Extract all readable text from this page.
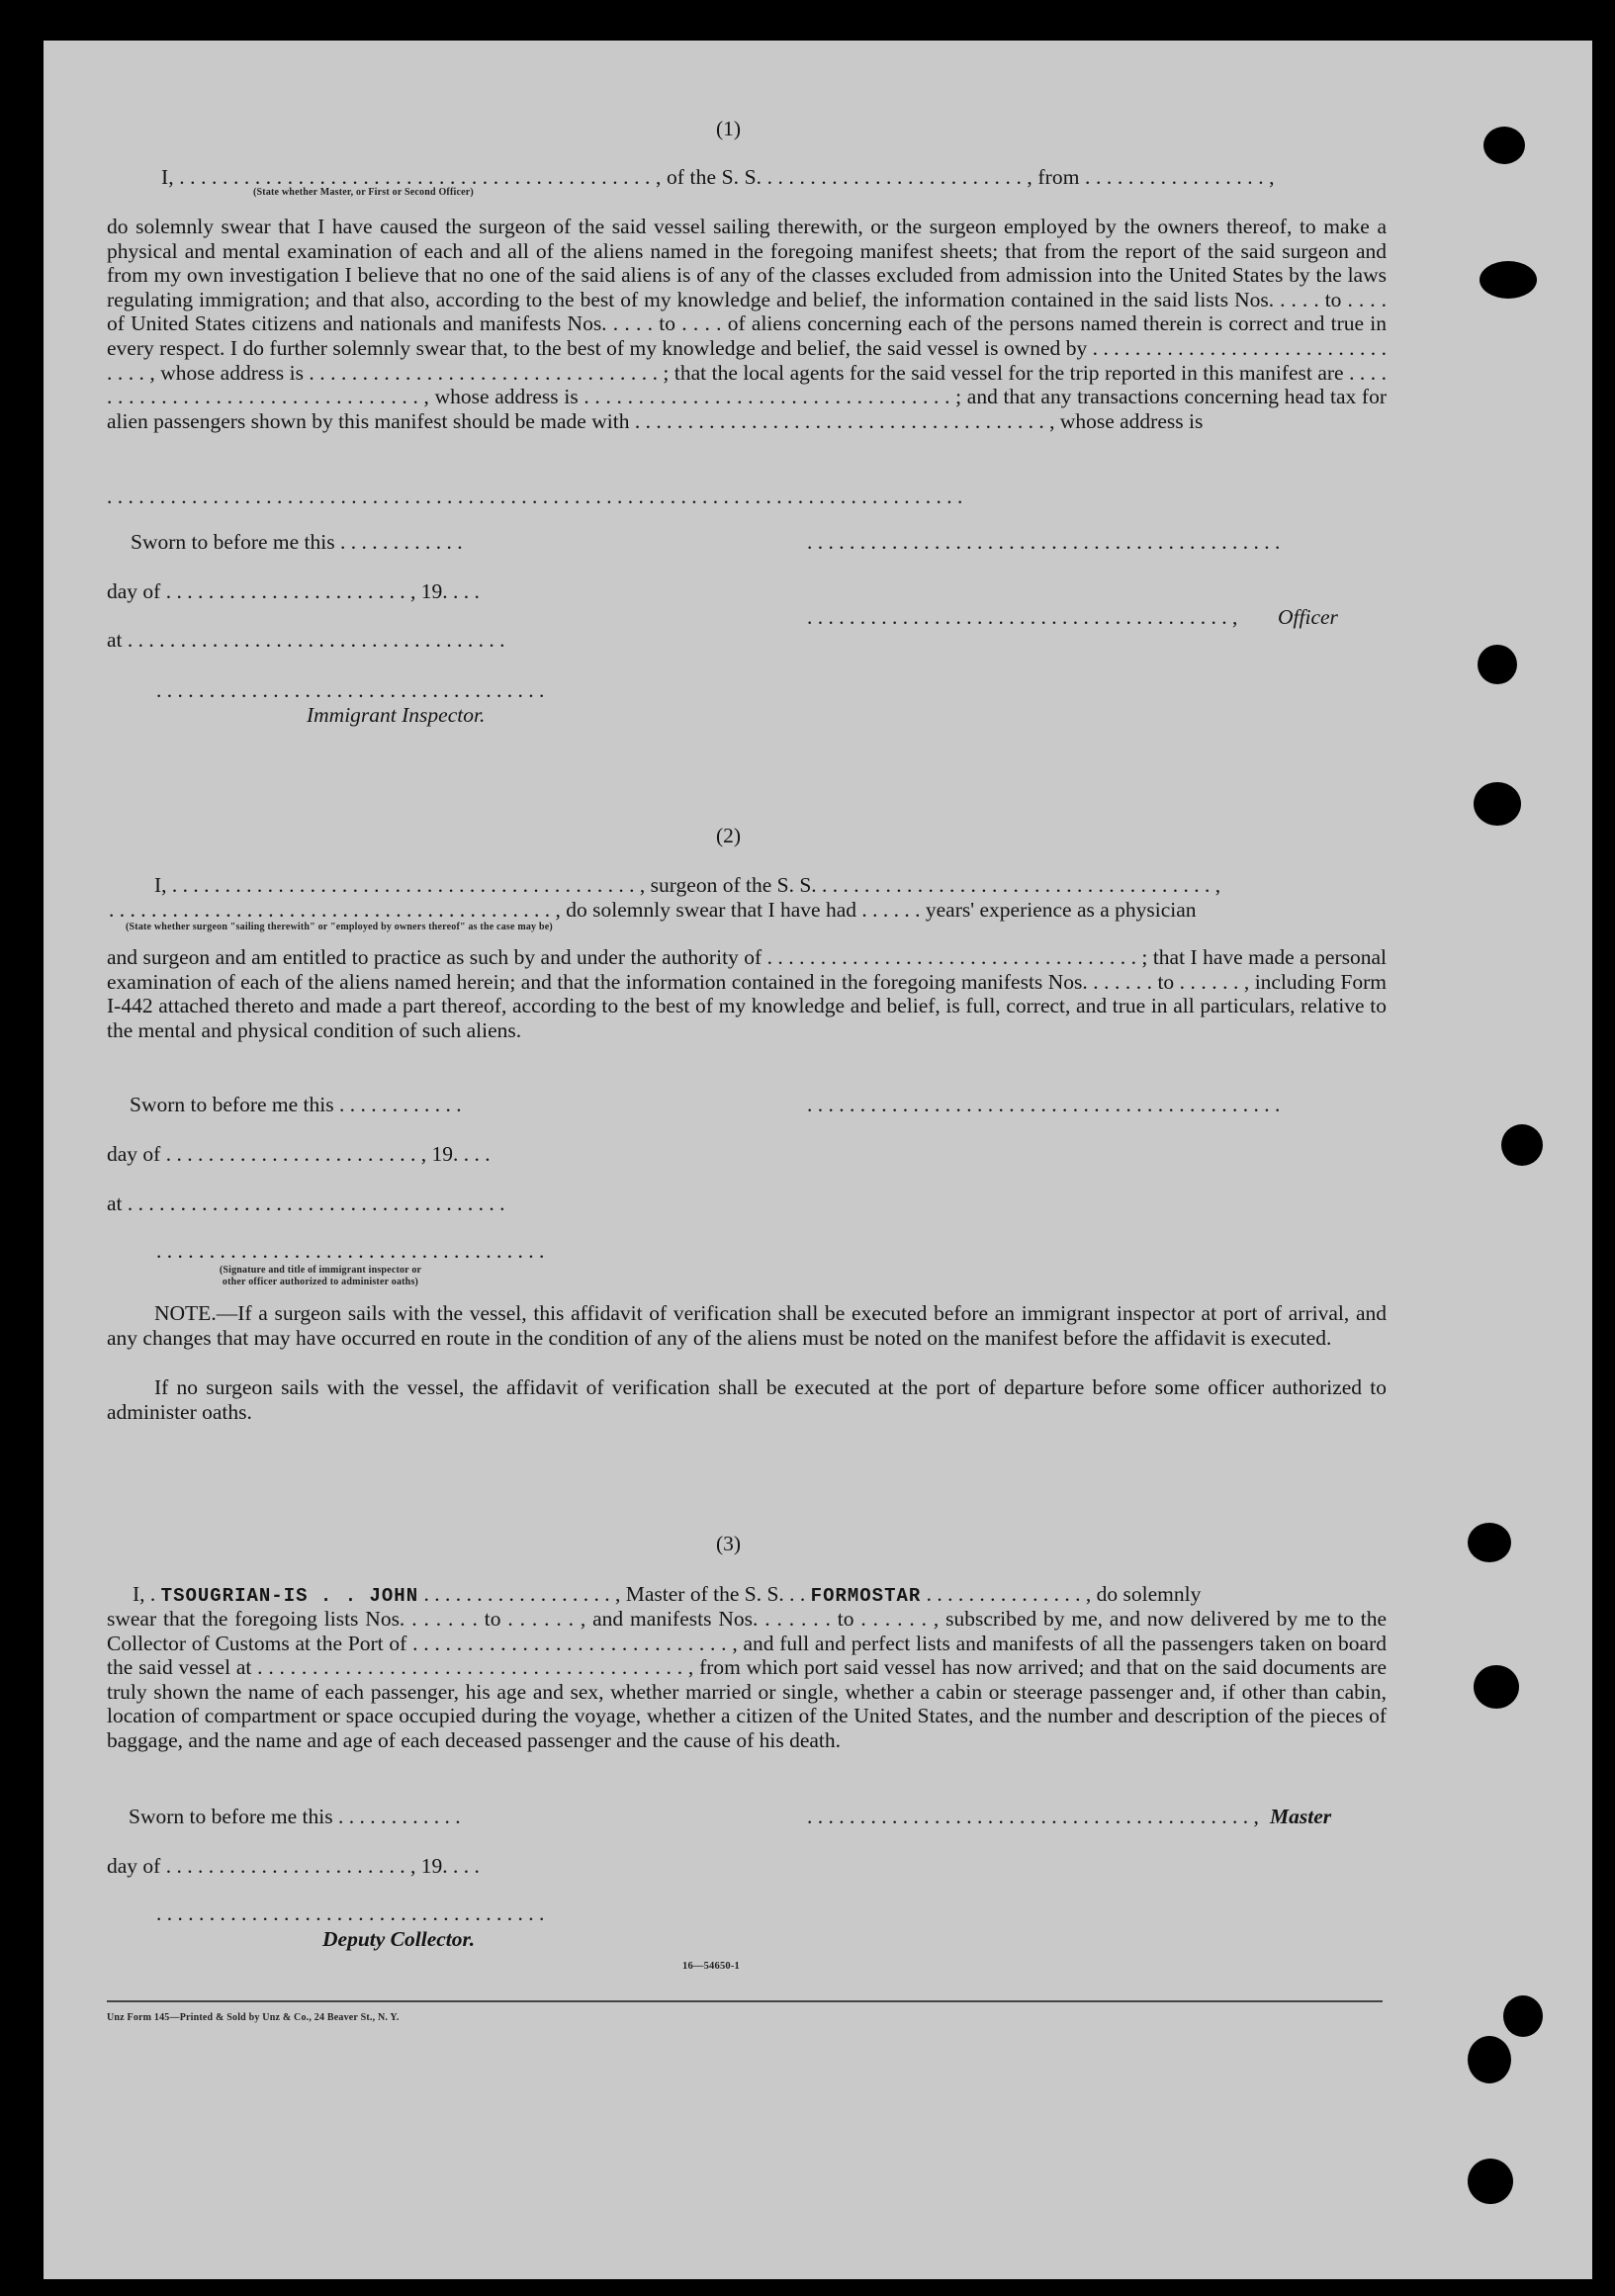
(1)
I, . . . . . . . . . . . . . . . . . . . . . . . . . . . . . . . . . . . . . . . . . . . . , of the S. S. . . . . . . . . . . . . . . . . . . . . . . . . , from . . . . . . . . . . . . . . . . . ,
(State whether Master, or First or Second Officer)
do solemnly swear that I have caused the surgeon of the said vessel sailing therewith, or the surgeon employed by the owners thereof, to make a physical and mental examination of each and all of the aliens named in the foregoing manifest sheets; that from the report of the said surgeon and from my own investigation I believe that no one of the said aliens is of any of the classes excluded from admission into the United States by the laws regulating immigration; and that also, according to the best of my knowledge and belief, the information contained in the said lists Nos. . . . . to . . . . of United States citizens and nationals and manifests Nos. . . . . to . . . . of aliens concerning each of the persons named therein is correct and true in every respect. I do further solemnly swear that, to the best of my knowledge and belief, the said vessel is owned by . . . . . . . . . . . . . . . . . . . . . . . . . . . . . . . . , whose address is . . . . . . . . . . . . . . . . . . . . . . . . . . . . . . . . . ; that the local agents for the said vessel for the trip reported in this manifest are . . . . . . . . . . . . . . . . . . . . . . . . . . . . . . . . . , whose address is . . . . . . . . . . . . . . . . . . . . . . . . . . . . . . . . . . ; and that any transactions concerning head tax for alien passengers shown by this manifest should be made with . . . . . . . . . . . . . . . . . . . . . . . . . . . . . . . . . . . . . . . , whose address is
. . . . . . . . . . . . . . . . . . . . . . . . . . . . . . . . . . . . . . . . . . . . . . . . . . . . . . . . . . . . . . . . . . . . . . . . . . . . . . . . .
Sworn to before me this . . . . . . . . . . . .	. . . . . . . . . . . . . . . . . . . . . . . . . . . . . . . . . . . . . . . . . . . . .
day of . . . . . . . . . . . . . . . . . . . . . . . , 19. . . .
. . . . . . . . . . . . . . . . . . . . . . . . . . . . . . . . . . . . . . . . , Officer
at . . . . . . . . . . . . . . . . . . . . . . . . . . . . . . . . . . . .
. . . . . . . . . . . . . . . . . . . . . . . . . . . . . . . . . . . . .
Immigrant Inspector.
(2)
I, . . . . . . . . . . . . . . . . . . . . . . . . . . . . . . . . . . . . . . . . . . . . , surgeon of the S. S. . . . . . . . . . . . . . . . . . . . . . . . . . . . . . . . . . . . . . ,
. . . . . . . . . . . . . . . . . . . . . . . . . . . . . . . . . . . . . . . . . . , do solemnly swear that I have had . . . . . . years' experience as a physician
(State whether surgeon "sailing therewith" or "employed by owners thereof" as the case may be)
and surgeon and am entitled to practice as such by and under the authority of . . . . . . . . . . . . . . . . . . . . . . . . . . . . . . . . . . . ; that I have made a personal examination of each of the aliens named herein; and that the information contained in the foregoing manifests Nos. . . . . . . to . . . . . . , including Form I-442 attached thereto and made a part thereof, according to the best of my knowledge and belief, is full, correct, and true in all particulars, relative to the mental and physical condition of such aliens.
Sworn to before me this . . . . . . . . . . . .	. . . . . . . . . . . . . . . . . . . . . . . . . . . . . . . . . . . . . . . . . . . . .
day of . . . . . . . . . . . . . . . . . . . . . . . . , 19. . . .
at . . . . . . . . . . . . . . . . . . . . . . . . . . . . . . . . . . . .
. . . . . . . . . . . . . . . . . . . . . . . . . . . . . . . . . . . . .
(Signature and title of immigrant inspector or
other officer authorized to administer oaths)
NOTE.—If a surgeon sails with the vessel, this affidavit of verification shall be executed before an immigrant inspector at port of arrival, and any changes that may have occurred en route in the condition of any of the aliens must be noted on the manifest before the affidavit is executed.
If no surgeon sails with the vessel, the affidavit of verification shall be executed at the port of departure before some officer authorized to administer oaths.
(3)
I, . TSOUGRIAN-IS . . JOHN . . . . . . . . . . . . . . . . . . , Master of the S. S. . . FORMOSTAR . . . . . . . . . . . . . . . , do solemnly
swear that the foregoing lists Nos. . . . . . . to . . . . . . , and manifests Nos. . . . . . . to . . . . . . , subscribed by me, and now delivered by me to the Collector of Customs at the Port of . . . . . . . . . . . . . . . . . . . . . . . . . . . . . , and full and perfect lists and manifests of all the passengers taken on board the said vessel at . . . . . . . . . . . . . . . . . . . . . . . . . . . . . . . . . . . . . . . , from which port said vessel has now arrived; and that on the said documents are truly shown the name of each passenger, his age and sex, whether married or single, whether a cabin or steerage passenger and, if other than cabin, location of compartment or space occupied during the voyage, whether a citizen of the United States, and the number and description of the pieces of baggage, and the name and age of each deceased passenger and the cause of his death.
Sworn to before me this . . . . . . . . . . . .	. . . . . . . . . . . . . . . . . . . . . . . . . . . . . . . . . . . . . . . . . . , Master
day of . . . . . . . . . . . . . . . . . . . . . . . , 19. . . .
. . . . . . . . . . . . . . . . . . . . . . . . . . . . . . . . . . . . .
Deputy Collector.
16—54650-1
Unz Form 145—Printed & Sold by Unz & Co., 24 Beaver St., N. Y.
